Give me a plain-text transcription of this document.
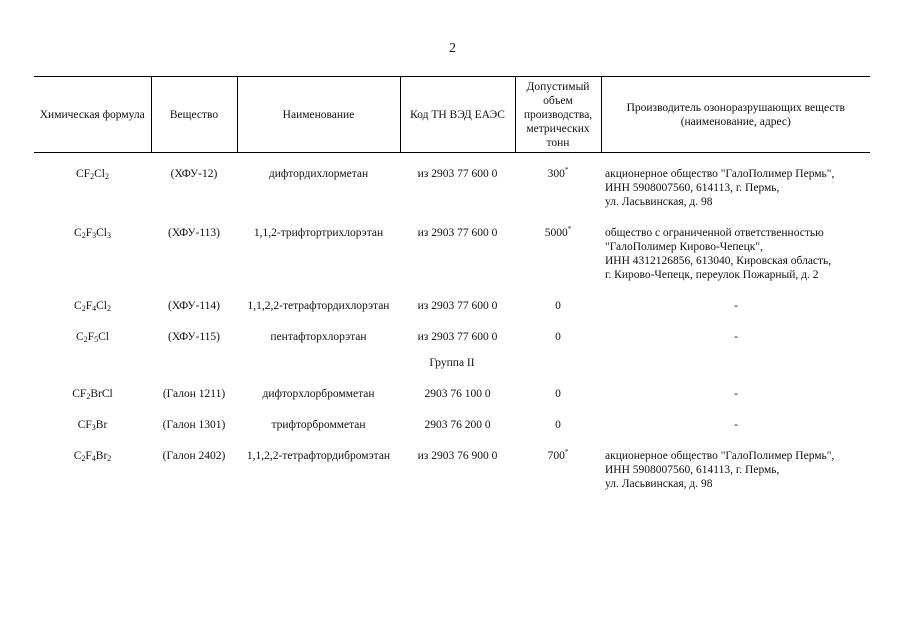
2
Химическая формула	Вещество	Наименование	Код ТН ВЭД ЕАЭС	Допустимый объем производства, метрических тонн	Производитель озоноразрушающих веществ (наименование, адрес)
$CF_2Cl_2$	(ХФУ-12)	дифтордихлорметан	из 2903 77 600 0	300*	акционерное общество "ГалоПолимер Пермь",
ИНН 5908007560, 614113, г. Пермь,
ул. Ласьвинская, д. 98

$C_2F_3Cl_3$	(ХФУ-113)	1,1,2-трифтортрихлорэтан	из 2903 77 600 0	5000*	общество с ограниченной ответственностью
"ГалоПолимер Кирово-Чепецк",
ИНН 4312126856, 613040, Кировская область,
г. Кирово-Чепецк, переулок Пожарный, д. 2

$C_2F_4Cl_2$	(ХФУ-114)	1,1,2,2-тетрафтордихлорэтан	из 2903 77 600 0	0	-
$C_2F_5Cl$	(ХФУ-115)	пентафторхлорэтан	из 2903 77 600 0	0	-
Группа II					
$CF_2BrCl$	(Галон 1211)	дифторхлорбромметан	2903 76 100 0	0	-
$CF_3Br$	(Галон 1301)	трифторбромметан	2903 76 200 0	0	-
$C_2F_4Br_2$	(Галон 2402)	1,1,2,2-тетрафтордибромэтан	из 2903 76 900 0	700*	акционерное общество "ГалоПолимер Пермь",
ИНН 5908007560, 614113, г. Пермь,
ул. Ласьвинская, д. 98
